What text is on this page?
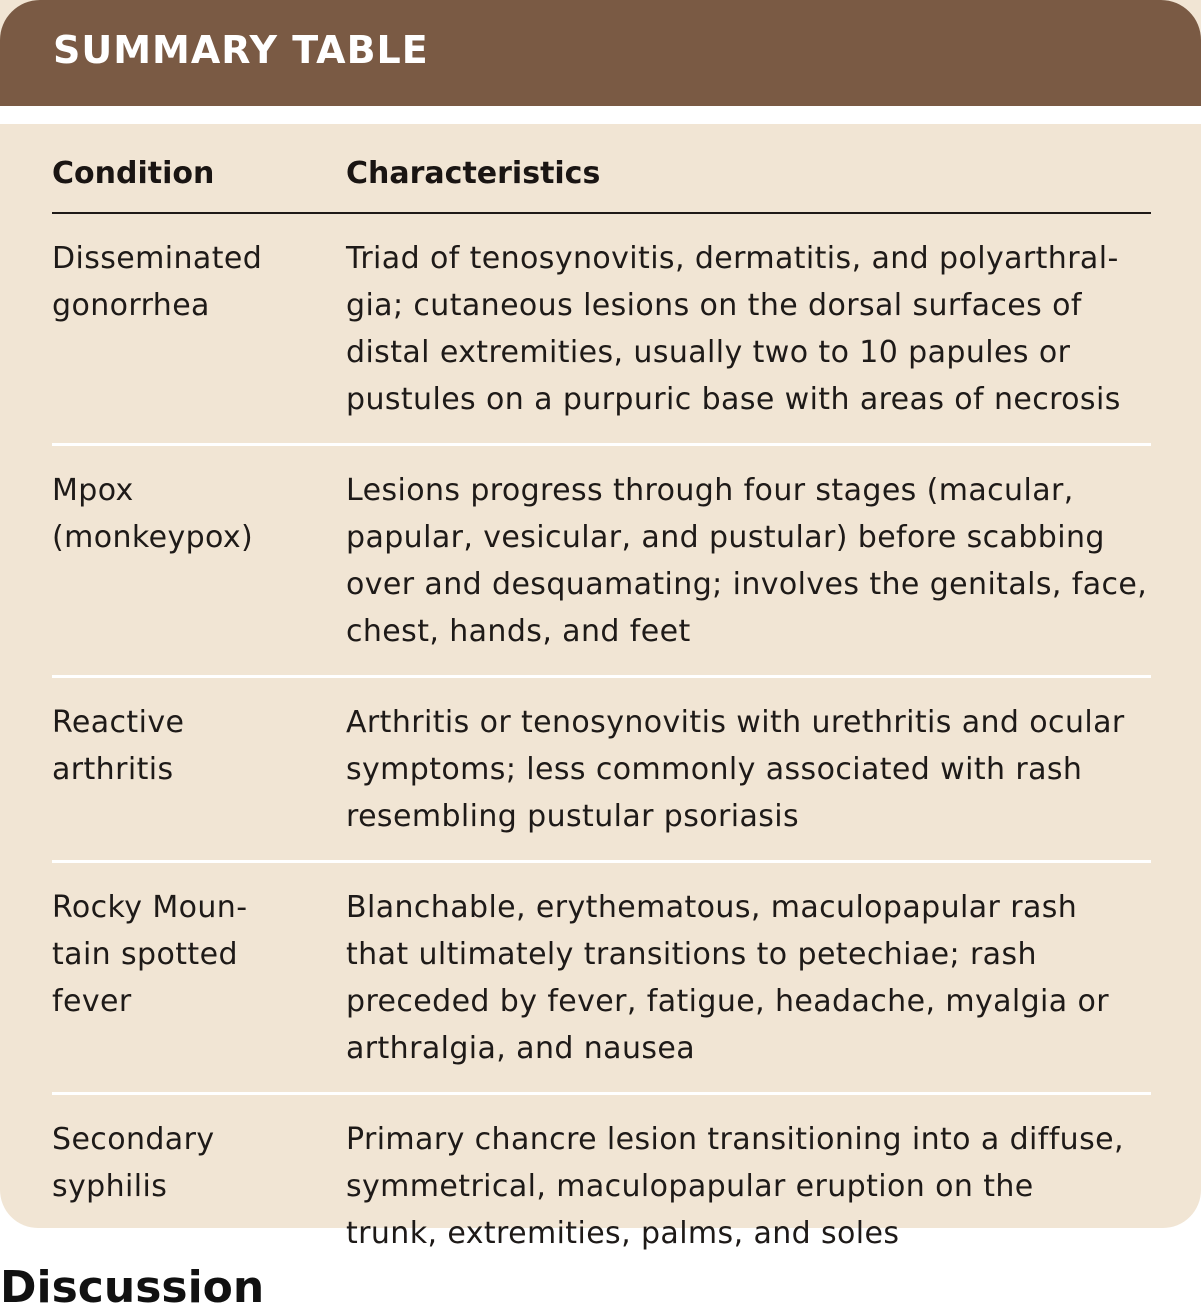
SUMMARY TABLE
Condition	Characteristics
Disseminated
gonorrhea
Triad of tenosynovitis, dermatitis, and polyarthral-
gia; cutaneous lesions on the dorsal surfaces of
distal extremities, usually two to 10 papules or
pustules on a purpuric base with areas of necrosis
Mpox
(monkeypox)
Lesions progress through four stages (macular,
papular, vesicular, and pustular) before scabbing
over and desquamating; involves the genitals, face,
chest, hands, and feet
Reactive
arthritis
Arthritis or tenosynovitis with urethritis and ocular
symptoms; less commonly associated with rash
resembling pustular psoriasis
Rocky Moun-
tain spotted
fever
Blanchable, erythematous, maculopapular rash
that ultimately transitions to petechiae; rash
preceded by fever, fatigue, headache, myalgia or
arthralgia, and nausea
Secondary
syphilis
Primary chancre lesion transitioning into a diffuse,
symmetrical, maculopapular eruption on the
trunk, extremities, palms, and soles
Discussion
